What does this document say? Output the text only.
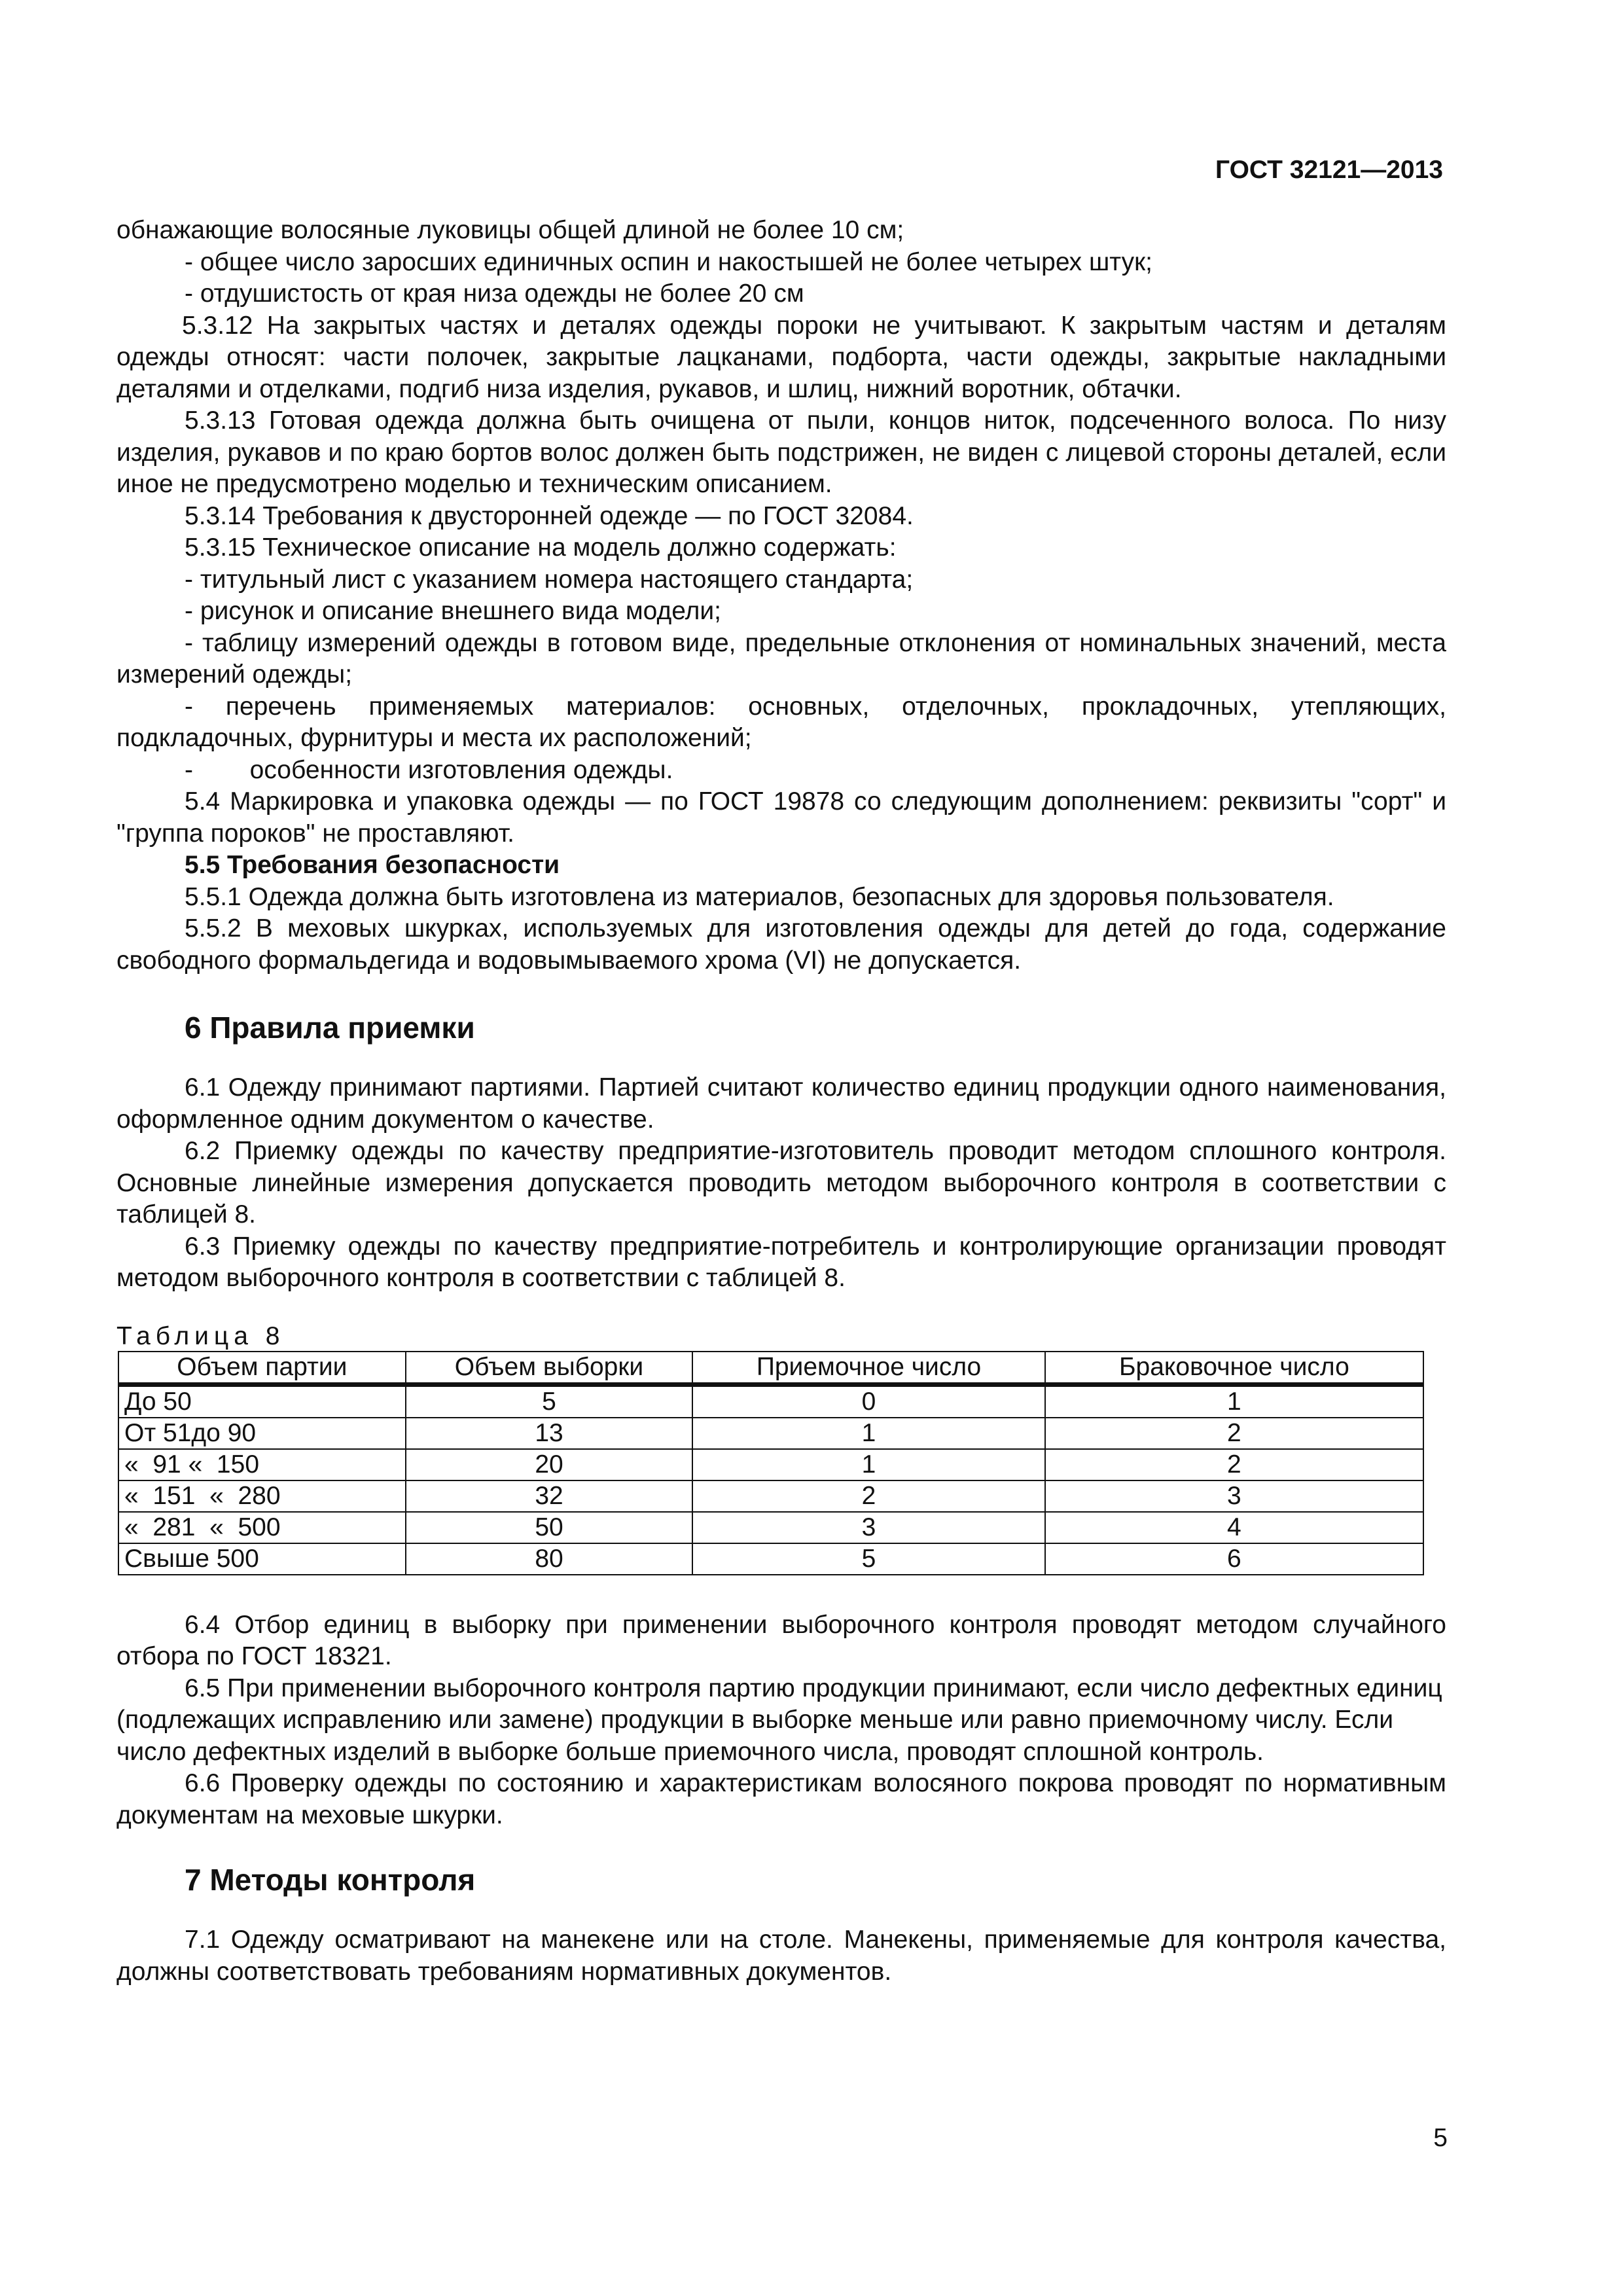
ГОСТ 32121—2013

обнажающие волосяные луковицы общей длиной не более 10 см;

- общее число заросших единичных оспин и накостышей не более четырех штук;

- отдушистость от края низа одежды не более 20 см

5.3.12 На закрытых частях и деталях одежды пороки не учитывают. К закрытым частям и деталям одежды относят: части полочек, закрытые лацканами, подборта, части одежды, закрытые накладными деталями и отделками, подгиб низа изделия, рукавов, и шлиц, нижний воротник, обтачки.

5.3.13 Готовая одежда должна быть очищена от пыли, концов ниток, подсеченного волоса. По низу изделия, рукавов и по краю бортов волос должен быть подстрижен, не виден с лицевой стороны деталей, если иное не предусмотрено моделью и техническим описанием.

5.3.14 Требования к двусторонней одежде — по ГОСТ 32084.

5.3.15 Техническое описание на модель должно содержать:

- титульный лист с указанием номера настоящего стандарта;

- рисунок и описание внешнего вида модели;

- таблицу измерений одежды в готовом виде, предельные отклонения от номинальных значений, места измерений одежды;

- перечень применяемых материалов: основных, отделочных, прокладочных, утепляющих, подкладочных, фурнитуры и места их расположений;

-        особенности изготовления одежды.

5.4 Маркировка и упаковка одежды — по ГОСТ 19878 со следующим дополнением: реквизиты "сорт" и "группа пороков" не проставляют.

5.5 Требования безопасности

5.5.1 Одежда должна быть изготовлена из материалов, безопасных для здоровья пользователя.

5.5.2 В меховых шкурках, используемых для изготовления одежды для детей до года, содержание свободного формальдегида и водовымываемого хрома (VI) не допускается.

6 Правила приемки

6.1 Одежду принимают партиями. Партией считают количество единиц продукции одного наименования, оформленное одним документом о качестве.

6.2 Приемку одежды по качеству предприятие-изготовитель проводит методом сплошного контроля. Основные линейные измерения допускается проводить методом выборочного контроля в соответствии с таблицей 8.

6.3 Приемку одежды по качеству предприятие-потребитель и контролирующие организации проводят методом выборочного контроля в соответствии с таблицей 8.

Таблица 8
Объем партии	Объем выборки	Приемочное число	Браковочное число
До 50	5	0	1
От 51до 90	13	1	2
«  91 «  150	20	1	2
«  151  «  280	32	2	3
«  281  «  500	50	3	4
Свыше 500	80	5	6

6.4 Отбор единиц в выборку при применении выборочного контроля проводят методом случайного отбора по ГОСТ 18321.

6.5 При применении выборочного контроля партию продукции принимают, если число дефектных единиц (подлежащих исправлению или замене) продукции в выборке меньше или равно приемочному числу. Если число дефектных изделий в выборке больше приемочного числа, проводят сплошной контроль.

6.6 Проверку одежды по состоянию и характеристикам волосяного покрова проводят по нормативным документам на меховые шкурки.

7 Методы контроля

7.1 Одежду осматривают на манекене или на столе. Манекены, применяемые для контроля качества, должны соответствовать требованиям нормативных документов.

5
